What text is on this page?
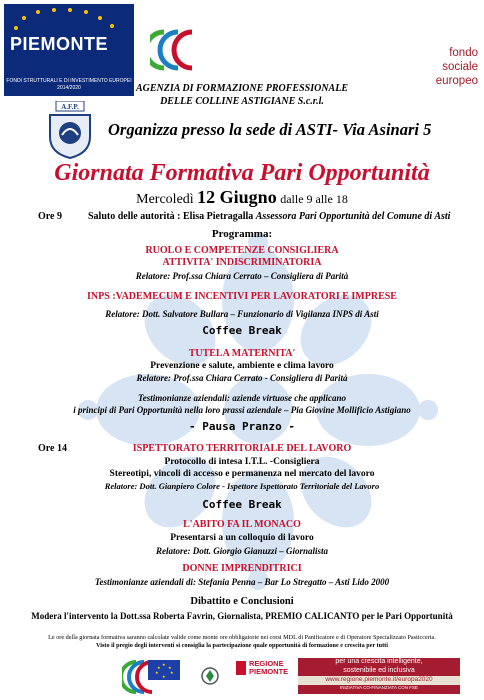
PIEMONTE
FONDI STRUTTURALI E DI INVESTIMENTO EUROPEI 2014/2020
fondo
sociale europeo
AGENZIA DI FORMAZIONE PROFESSIONALE
DELLE COLLINE ASTIGIANE S.c.r.l.
A.F.P.
Organizza presso la sede di ASTI- Via Asinari 5
Giornata Formativa Pari Opportunità
Mercoledì 12 Giugno dalle 9 alle 18
Ore 9	Saluto delle autorità : Elisa Pietragalla Assessora Pari Opportunità del Comune di Asti
Programma:
RUOLO E COMPETENZE CONSIGLIERA
ATTIVITA' INDISCRIMINATORIA
Relatore: Prof.ssa Chiara Cerrato – Consigliera di Parità
INPS :VADEMECUM E INCENTIVI PER LAVORATORI E IMPRESE
Relatore: Dott. Salvatore Bullara – Funzionario di Vigilanza INPS di Asti
Coffee Break
TUTELA MATERNITA'
Prevenzione e salute, ambiente e clima lavoro
Relatore: Prof.ssa Chiara Cerrato - Consigliera di Parità
Testimonianze aziendali: aziende virtuose che applicano
i principi di Pari Opportunità nella loro prassi aziendale – Pia Giovine Mollificio Astigiano
- Pausa Pranzo -
Ore 14	ISPETTORATO TERRITORIALE DEL LAVORO
Protocollo di intesa I.T.L. -Consigliera
Stereotipi, vincoli di accesso e permanenza nel mercato del lavoro
Relatore: Dott. Gianpiero Colore - Ispettore Ispettorato Territoriale del Lavoro
Coffee Break
L'ABITO FA IL MONACO
Presentarsi a un colloquio di lavoro
Relatore: Dott. Giorgio Gianuzzi – Giornalista
DONNE IMPRENDITRICI
Testimonianze aziendali di: Stefania Penna – Bar Lo Stregatto – Asti Lido 2000
Dibattito e Conclusioni
Modera l'intervento la Dott.ssa Roberta Favrin, Giornalista, PREMIO CALICANTO per le Pari Opportunità
Le ore della giornata formativa saranno calcolate valide come monte ore obbligatorie nei corsi MDL di Panificatore e di Operatore Specializzato Pasticceria.
Visto il pregio degli interventi si consiglia la partecipazione quale opportunità di formazione e crescita per tutti
★
★
★
★
★
★	REGIONE
PIEMONTE
per una crescita intelligente,
sostenibile ed inclusiva
www.regione.piemonte.it/europa2020
INIZIATIVA CO-FINANZIATA CON FSE
